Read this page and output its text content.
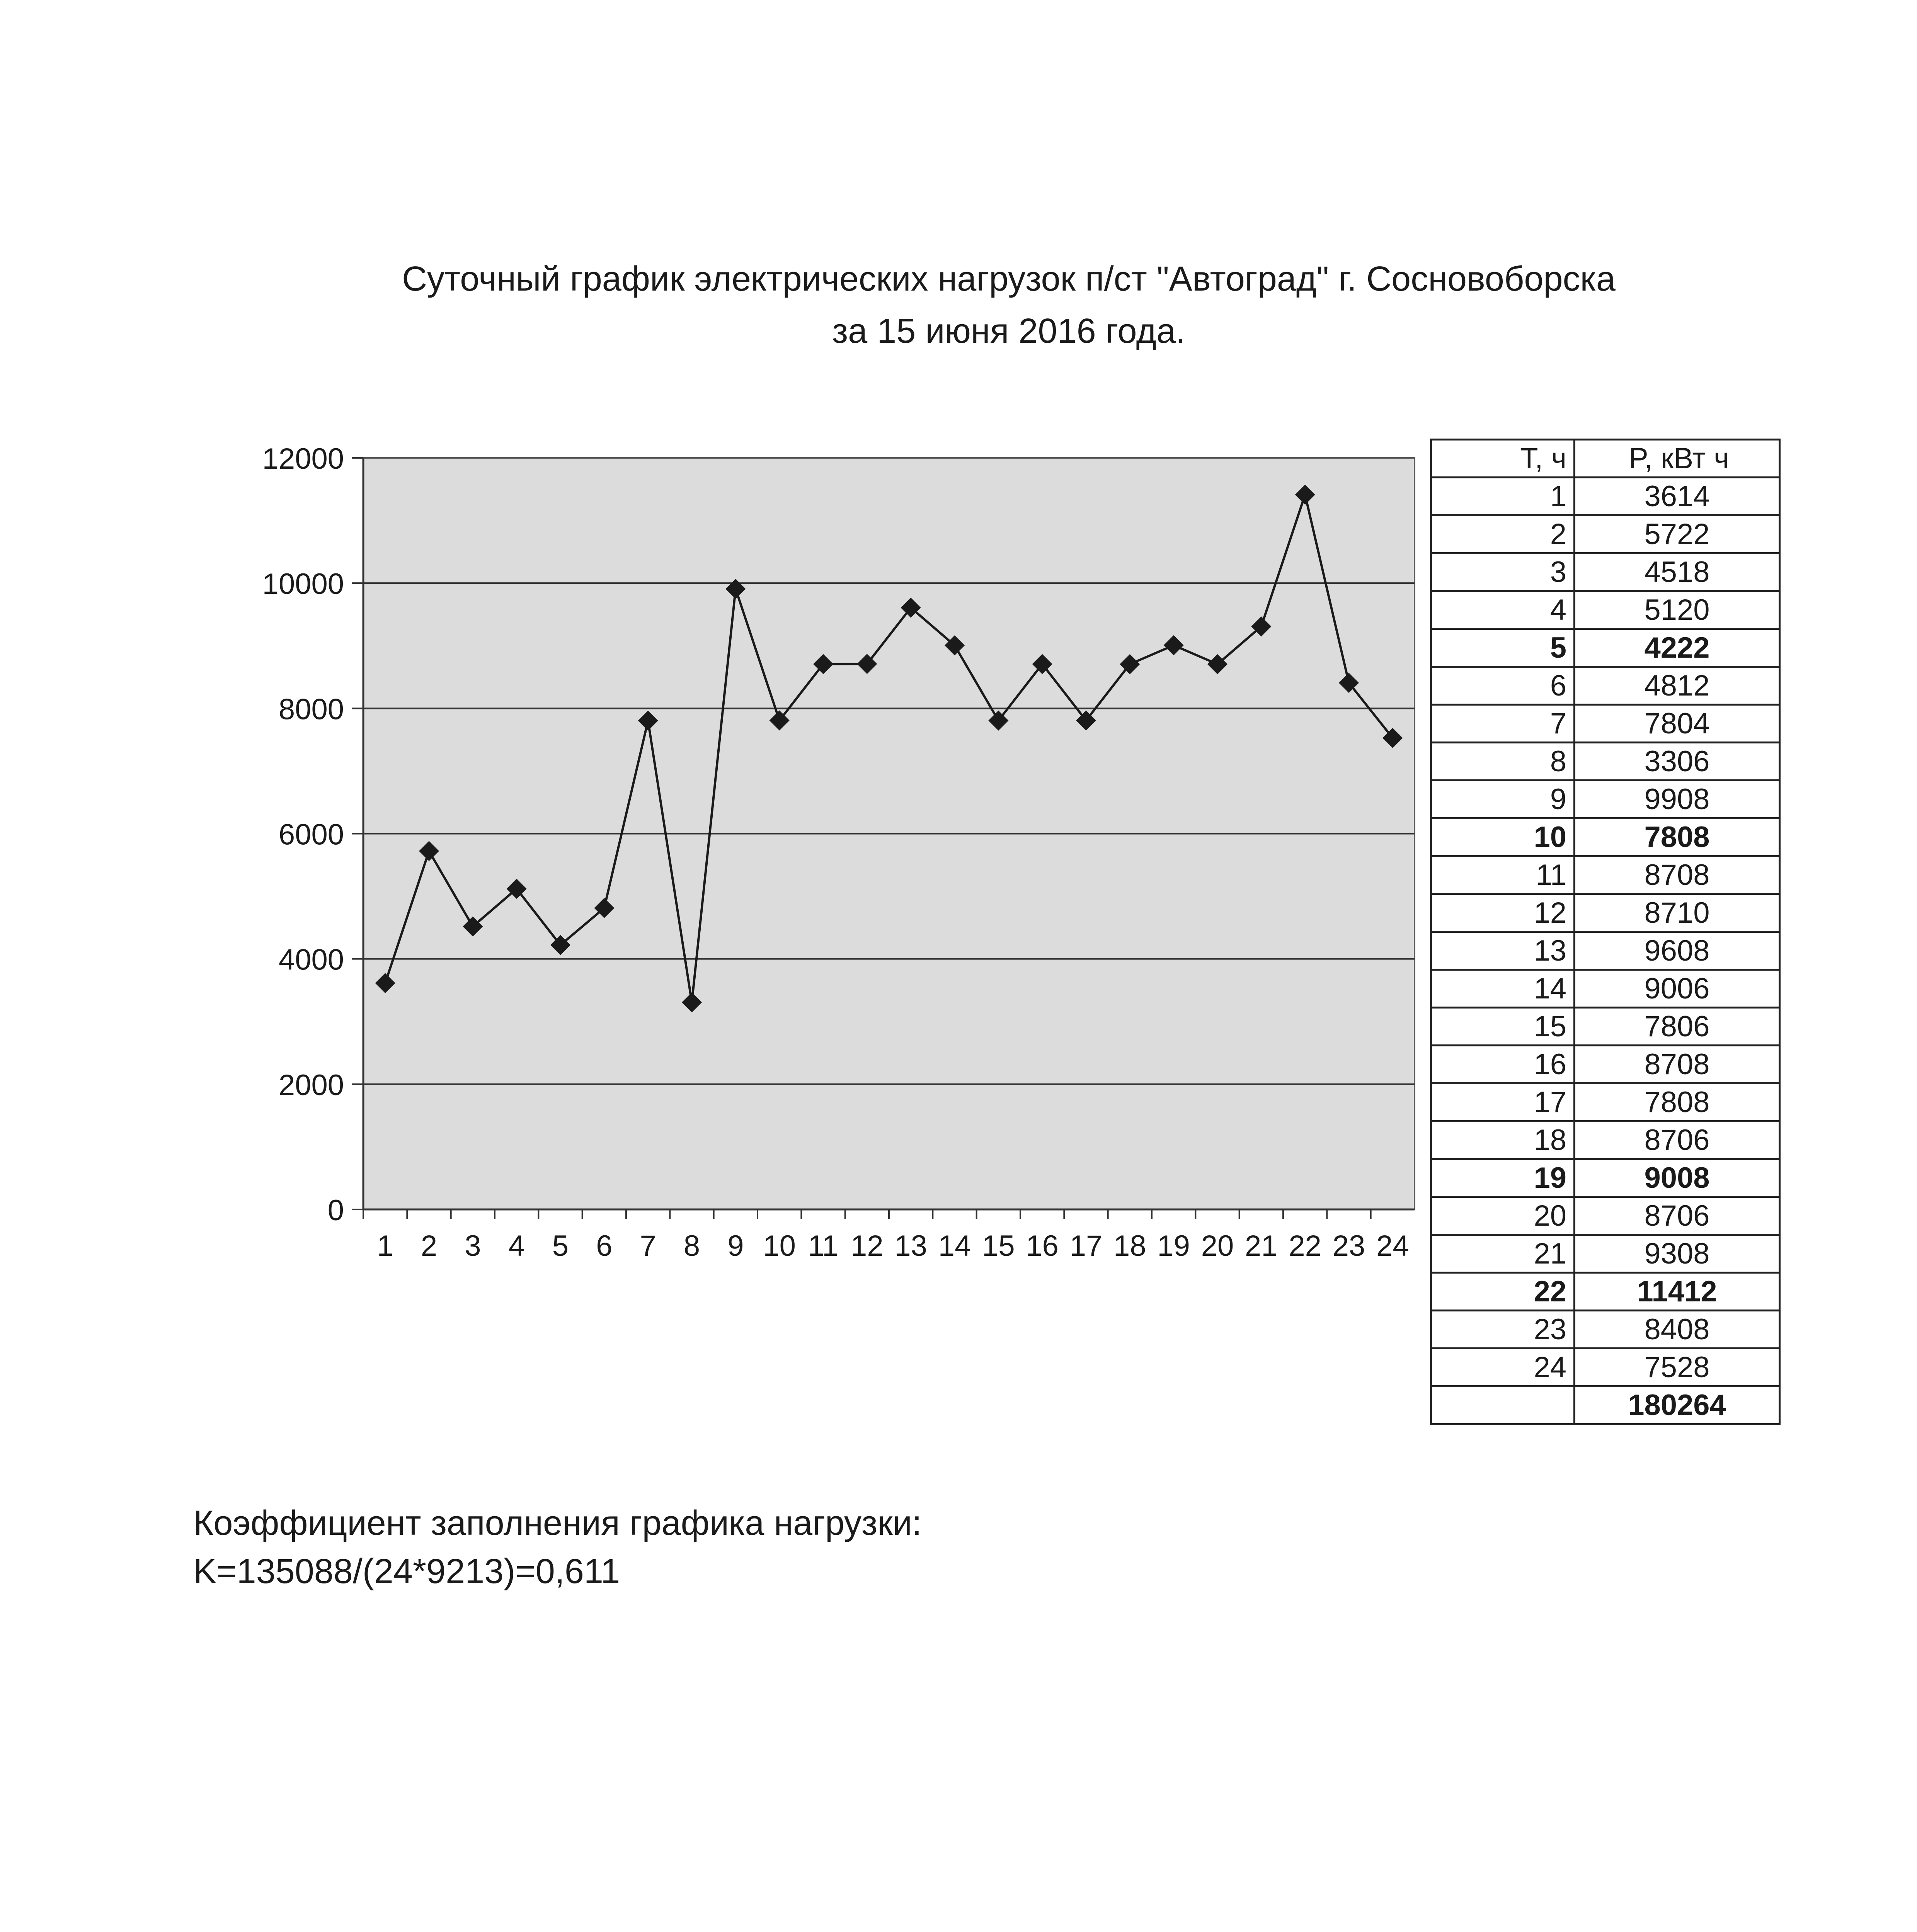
Суточный график электрических нагрузок п/ст "Автоград" г. Сосновоборска
за 15 июня 2016 года.
0
2000
4000
6000
8000
10000
12000
1 2 3 4 5 6 7 8 9 10 11 12 13 14 15 16 17 18 19 20 21 22 23 24
T, ч	P, кВт ч
1	3614
2	5722
3	4518
4	5120
5	4222
6	4812
7	7804
8	3306
9	9908
10	7808
11	8708
12	8710
13	9608
14	9006
15	7806
16	8708
17	7808
18	8706
19	9008
20	8706
21	9308
22	11412
23	8408
24	7528
	180264
Коэффициент заполнения графика нагрузки:
K=135088/(24*9213)=0,611
